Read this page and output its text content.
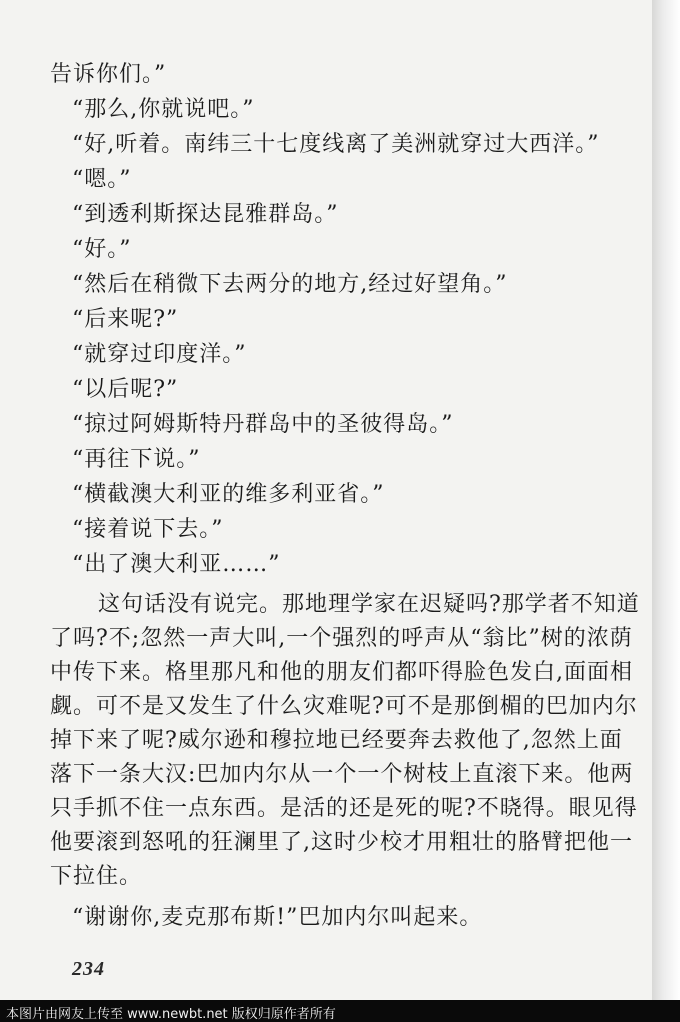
告诉你们。”
“那么,你就说吧。”
“好,听着。南纬三十七度线离了美洲就穿过大西洋。”
“嗯。”
“到透利斯探达昆雅群岛。”
“好。”
“然后在稍微下去两分的地方,经过好望角。”
“后来呢?”
“就穿过印度洋。”
“以后呢?”
“掠过阿姆斯特丹群岛中的圣彼得岛。”
“再往下说。”
“横截澳大利亚的维多利亚省。”
“接着说下去。”
“出了澳大利亚……”
这句话没有说完。那地理学家在迟疑吗?那学者不知道
了吗?不;忽然一声大叫,一个强烈的呼声从“翁比”树的浓荫
中传下来。格里那凡和他的朋友们都吓得脸色发白,面面相
觑。可不是又发生了什么灾难呢?可不是那倒楣的巴加内尔
掉下来了呢?威尔逊和穆拉地已经要奔去救他了,忽然上面
落下一条大汉:巴加内尔从一个一个树枝上直滚下来。他两
只手抓不住一点东西。是活的还是死的呢?不晓得。眼见得
他要滚到怒吼的狂澜里了,这时少校才用粗壮的胳臂把他一
下拉住。
“谢谢你,麦克那布斯!”巴加内尔叫起来。
234
本图片由网友上传至 www.newbt.net 版权归原作者所有
